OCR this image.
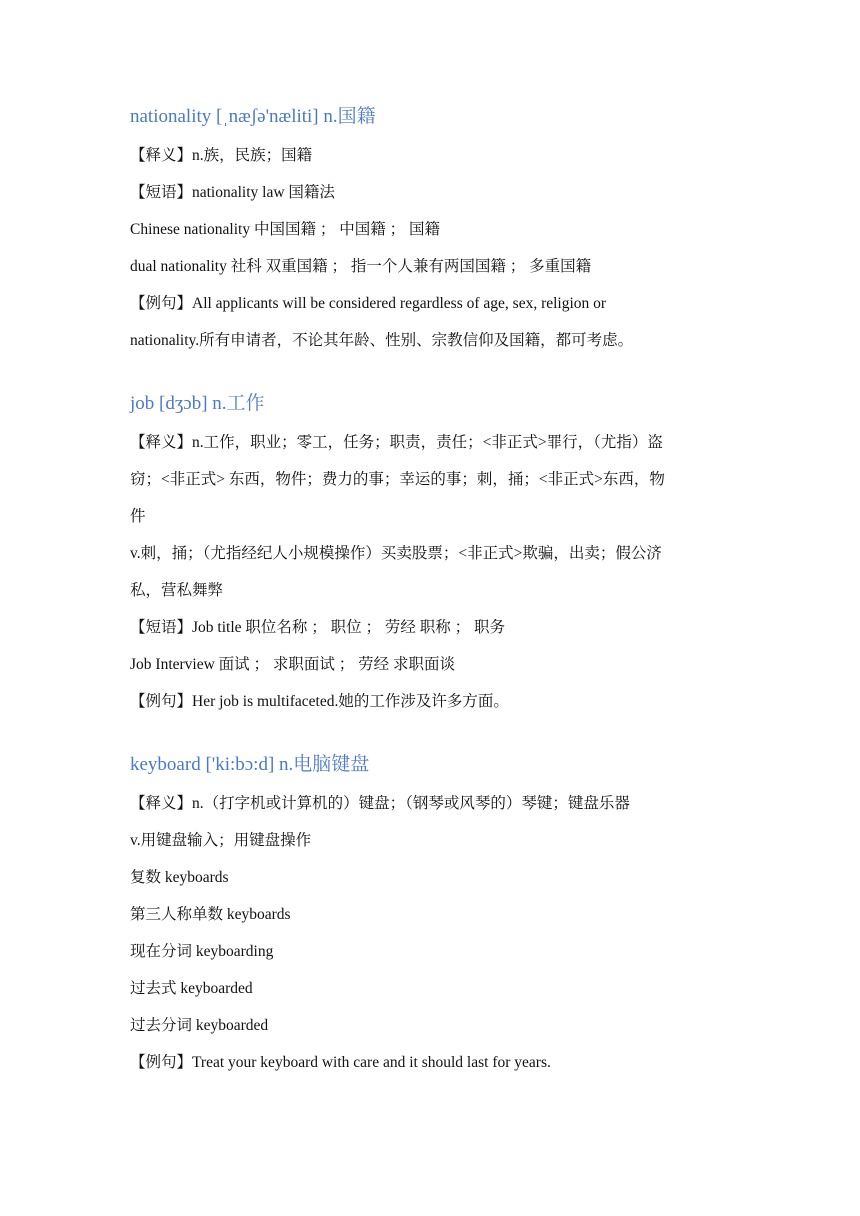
nationality [ˌnæʃə'næliti] n.国籍
【释义】n.族，民族；国籍
【短语】nationality law 国籍法
Chinese nationality 中国国籍 ； 中国籍 ； 国籍
dual nationality 社科 双重国籍 ； 指一个人兼有两国国籍 ； 多重国籍
【例句】All applicants will be considered regardless of age, sex, religion or
nationality.所有申请者，不论其年龄、性别、宗教信仰及国籍，都可考虑。
job [dʒɔb] n.工作
【释义】n.工作，职业；零工，任务；职责，责任；<非正式>罪行，（尤指）盗
窃；<非正式> 东西，物件；费力的事；幸运的事；刺，捅；<非正式>东西，物
件
v.刺，捅；（尤指经纪人小规模操作）买卖股票；<非正式>欺骗，出卖；假公济
私，营私舞弊
【短语】Job title 职位名称 ； 职位 ； 劳经 职称 ； 职务
Job Interview 面试 ； 求职面试 ； 劳经 求职面谈
【例句】Her job is multifaceted.她的工作涉及许多方面。
keyboard ['ki:bɔ:d] n.电脑键盘
【释义】n.（打字机或计算机的）键盘；（钢琴或风琴的）琴键；键盘乐器
v.用键盘输入；用键盘操作
复数 keyboards
第三人称单数 keyboards
现在分词 keyboarding
过去式 keyboarded
过去分词 keyboarded
【例句】Treat your keyboard with care and it should last for years.
